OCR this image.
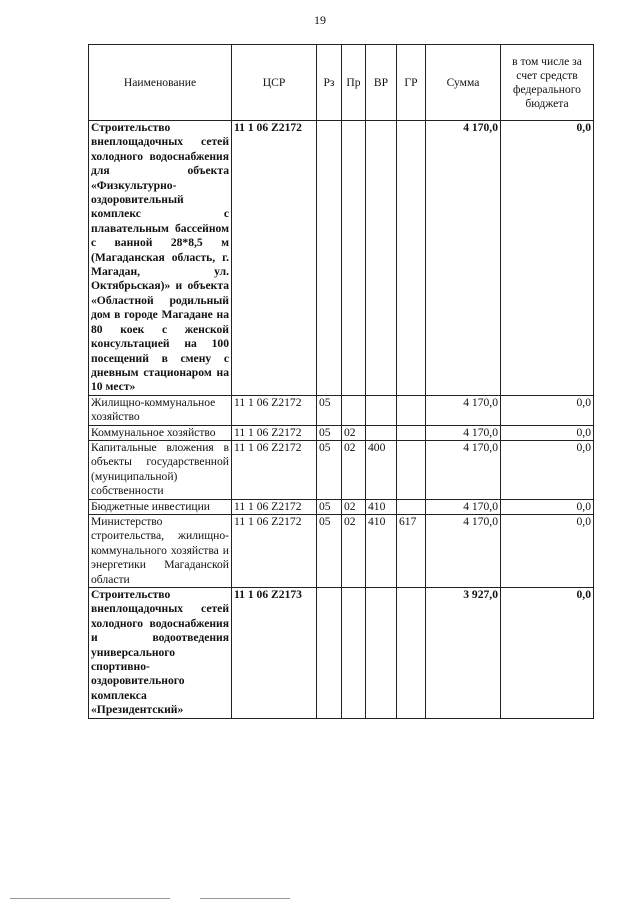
19
Наименование	ЦСР	Рз	Пр	ВР	ГР	Сумма	в том числе за счет средств федерального бюджета
Строительство внеплощадочных сетей холодного водоснабжения для объекта «Физкультурно-оздоровительный комплекс с плавательным бассейном с ванной 28*8,5 м (Магаданская область, г. Магадан, ул. Октябрьская)» и объекта «Областной родильный дом в городе Магадане на 80 коек с женской консультацией на 100 посещений в смену с дневным стационаром на 10 мест»	11 1 06 Z2172					4 170,0	0,0
Жилищно-коммунальное хозяйство	11 1 06 Z2172	05				4 170,0	0,0
Коммунальное хозяйство	11 1 06 Z2172	05	02			4 170,0	0,0
Капитальные вложения в объекты государственной (муниципальной) собственности	11 1 06 Z2172	05	02	400		4 170,0	0,0
Бюджетные инвестиции	11 1 06 Z2172	05	02	410		4 170,0	0,0
Министерство строительства, жилищно-коммунального хозяйства и энергетики Магаданской области	11 1 06 Z2172	05	02	410	617	4 170,0	0,0
Строительство внеплощадочных сетей холодного водоснабжения и водоотведения универсального спортивно-оздоровительного комплекса «Президентский»	11 1 06 Z2173					3 927,0	0,0
